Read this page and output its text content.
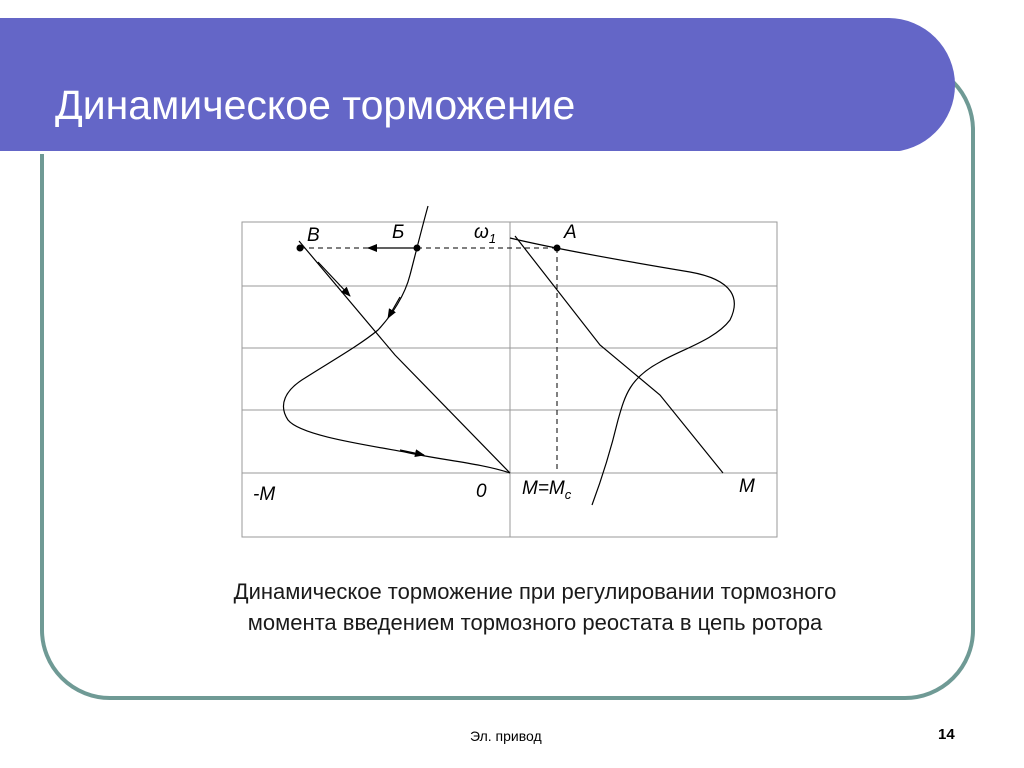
Динамическое торможение
В	Б	А
$\omega_1$
-М	0 $М=М_с$	М
Динамическое торможение при регулировании тормозного
момента введением тормозного реостата в цепь ротора
Эл. привод	14
